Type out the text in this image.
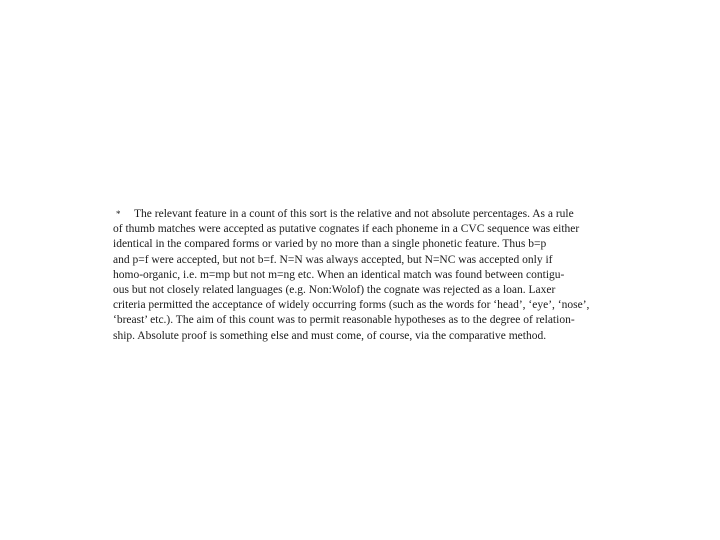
* The relevant feature in a count of this sort is the relative and not absolute percentages. As a rule
of thumb matches were accepted as putative cognates if each phoneme in a CVC sequence was either
identical in the compared forms or varied by no more than a single phonetic feature. Thus b=p
and p=f were accepted, but not b=f. N=N was always accepted, but N=NC was accepted only if
homo-organic, i.e. m=mp but not m=ng etc. When an identical match was found between contigu-
ous but not closely related languages (e.g. Non:Wolof) the cognate was rejected as a loan. Laxer
criteria permitted the acceptance of widely occurring forms (such as the words for ‘head’, ‘eye’, ‘nose’,
‘breast’ etc.). The aim of this count was to permit reasonable hypotheses as to the degree of relation-
ship. Absolute proof is something else and must come, of course, via the comparative method.
